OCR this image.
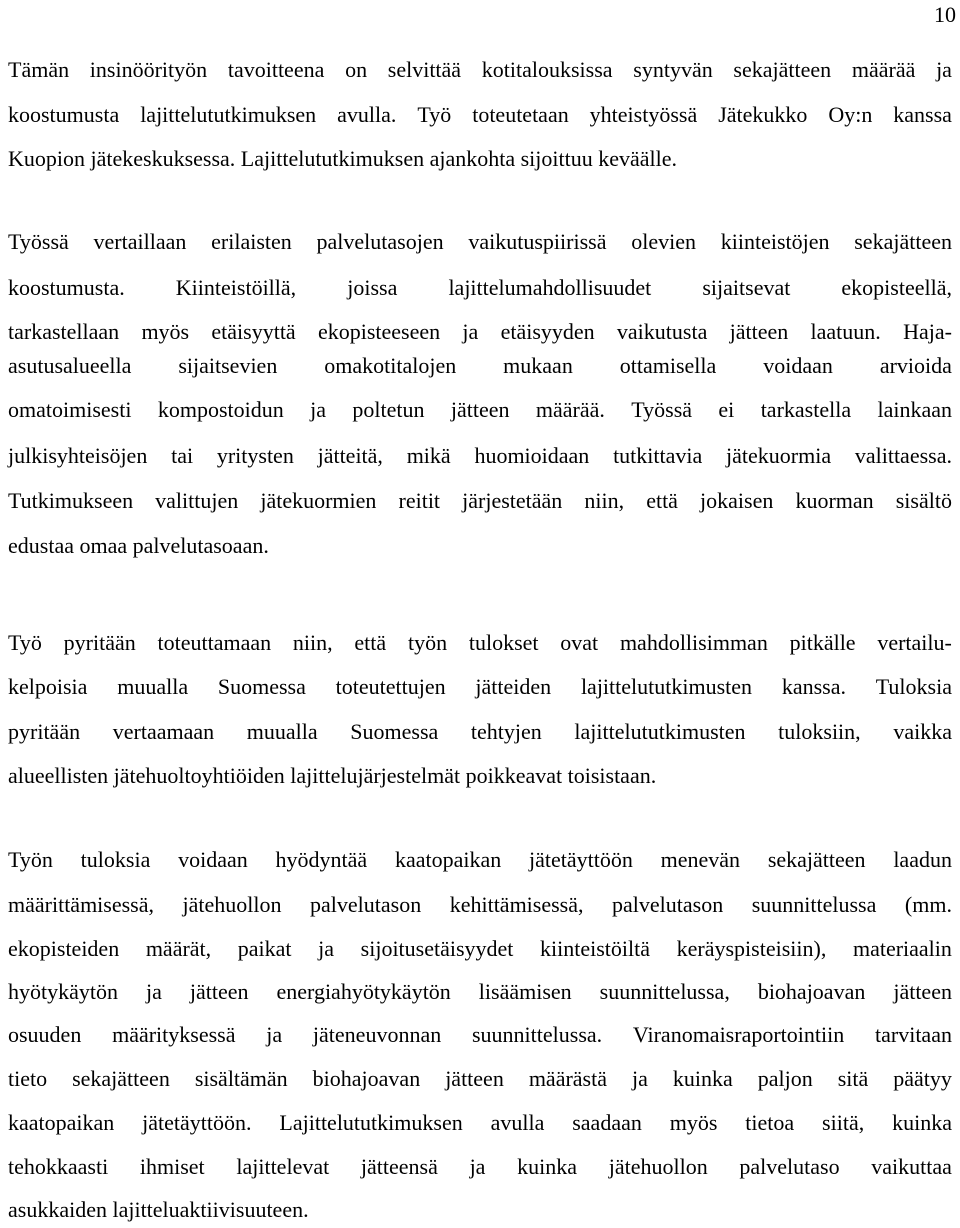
10
Tämän insinöörityön tavoitteena on selvittää kotitalouksissa syntyvän sekajätteen määrää ja
koostumusta lajittelututkimuksen avulla. Työ toteutetaan yhteistyössä Jätekukko Oy:n kanssa
Kuopion jätekeskuksessa. Lajittelututkimuksen ajankohta sijoittuu keväälle.
Työssä vertaillaan erilaisten palvelutasojen vaikutuspiirissä olevien kiinteistöjen sekajätteen
koostumusta. Kiinteistöillä, joissa lajittelumahdollisuudet sijaitsevat ekopisteellä,
tarkastellaan myös etäisyyttä ekopisteeseen ja etäisyyden vaikutusta jätteen laatuun. Haja-
asutusalueella sijaitsevien omakotitalojen mukaan ottamisella voidaan arvioida
omatoimisesti kompostoidun ja poltetun jätteen määrää. Työssä ei tarkastella lainkaan
julkisyhteisöjen tai yritysten jätteitä, mikä huomioidaan tutkittavia jätekuormia valittaessa.
Tutkimukseen valittujen jätekuormien reitit järjestetään niin, että jokaisen kuorman sisältö
edustaa omaa palvelutasoaan.
Työ pyritään toteuttamaan niin, että työn tulokset ovat mahdollisimman pitkälle vertailu-
kelpoisia muualla Suomessa toteutettujen jätteiden lajittelututkimusten kanssa. Tuloksia
pyritään vertaamaan muualla Suomessa tehtyjen lajittelututkimusten tuloksiin, vaikka
alueellisten jätehuoltoyhtiöiden lajittelujärjestelmät poikkeavat toisistaan.
Työn tuloksia voidaan hyödyntää kaatopaikan jätetäyttöön menevän sekajätteen laadun
määrittämisessä, jätehuollon palvelutason kehittämisessä, palvelutason suunnittelussa (mm.
ekopisteiden määrät, paikat ja sijoitusetäisyydet kiinteistöiltä keräyspisteisiin), materiaalin
hyötykäytön ja jätteen energiahyötykäytön lisäämisen suunnittelussa, biohajoavan jätteen
osuuden määrityksessä ja jäteneuvonnan suunnittelussa. Viranomaisraportointiin tarvitaan
tieto sekajätteen sisältämän biohajoavan jätteen määrästä ja kuinka paljon sitä päätyy
kaatopaikan jätetäyttöön. Lajittelututkimuksen avulla saadaan myös tietoa siitä, kuinka
tehokkaasti ihmiset lajittelevat jätteensä ja kuinka jätehuollon palvelutaso vaikuttaa
asukkaiden lajitteluaktiivisuuteen.
